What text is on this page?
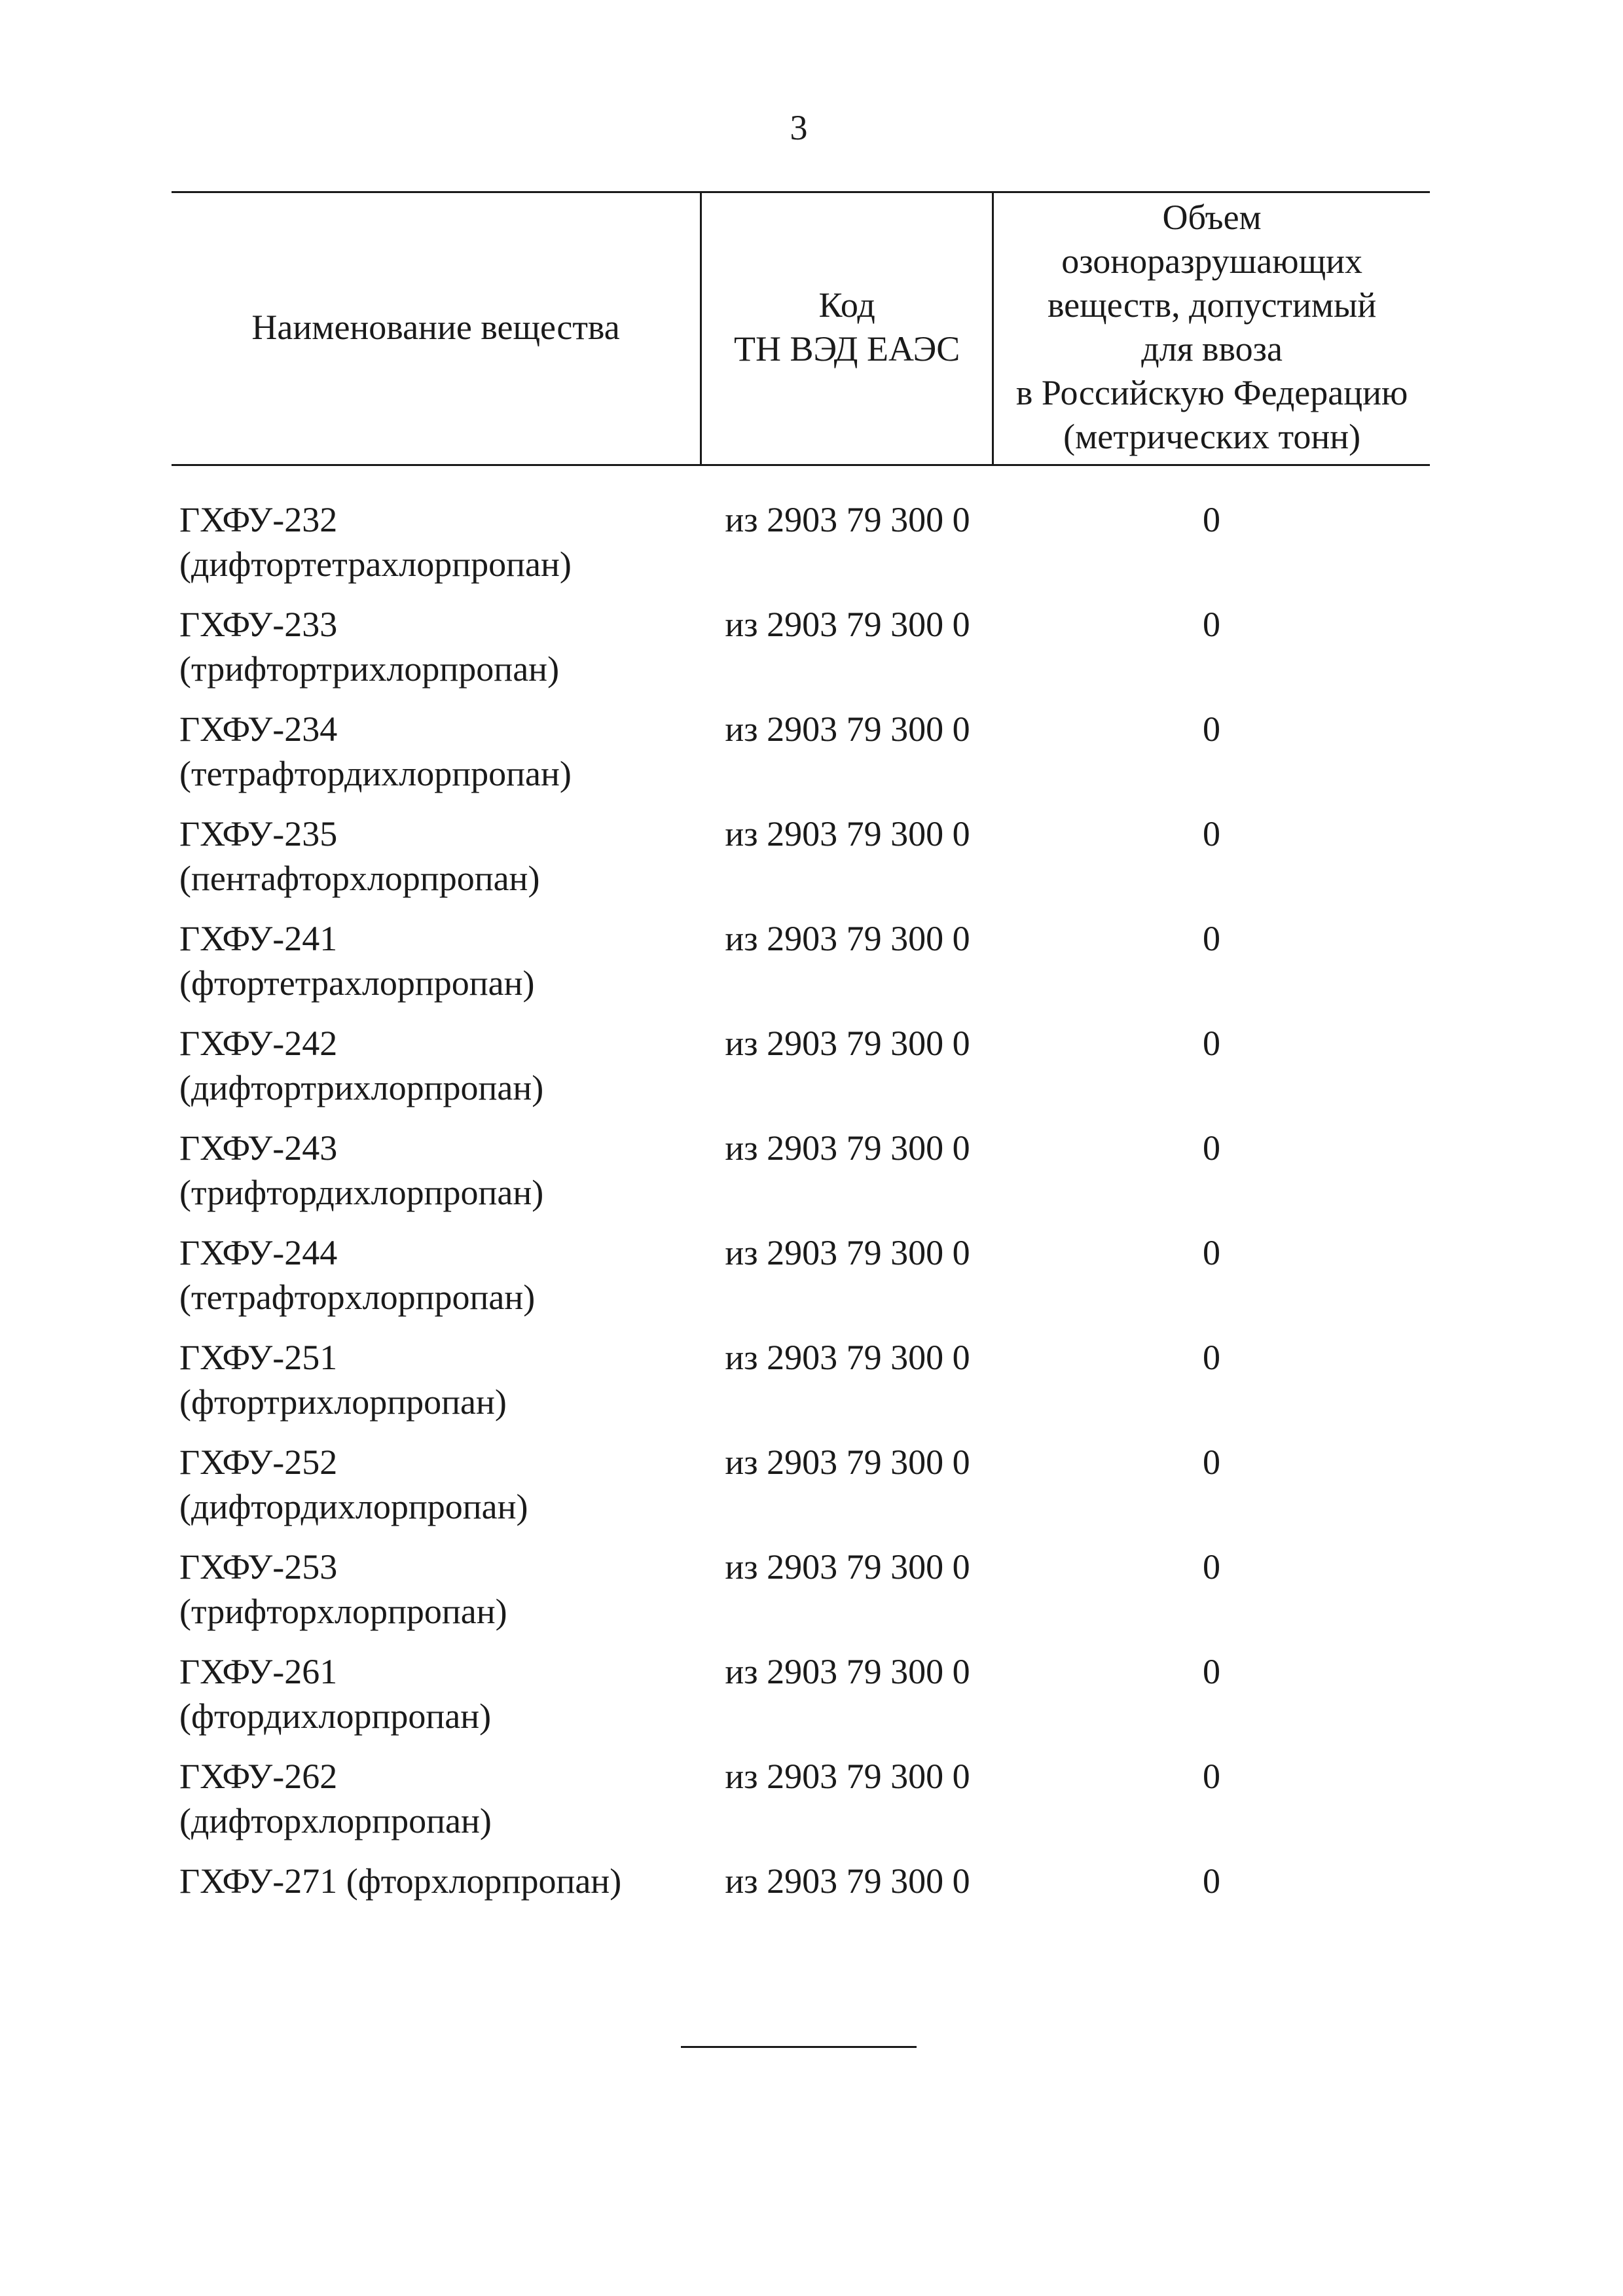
3
Наименование вещества

Код
ТН ВЭД ЕАЭС

Объем
озоноразрушающих
веществ, допустимый
для ввоза
в Российскую Федерацию
(метрических тонн)
ГХФУ-232
(дифтортетрахлорпропан)
из 2903 79 300 0	0
ГХФУ-233
(трифтортрихлорпропан)
из 2903 79 300 0	0
ГХФУ-234
(тетрафтордихлорпропан)
из 2903 79 300 0	0
ГХФУ-235
(пентафторхлорпропан)
из 2903 79 300 0	0
ГХФУ-241
(фтортетрахлорпропан)
из 2903 79 300 0	0
ГХФУ-242
(дифтортрихлорпропан)
из 2903 79 300 0	0
ГХФУ-243
(трифтордихлорпропан)
из 2903 79 300 0	0
ГХФУ-244
(тетрафторхлорпропан)
из 2903 79 300 0	0
ГХФУ-251
(фтортрихлорпропан)
из 2903 79 300 0	0
ГХФУ-252
(дифтордихлорпропан)
из 2903 79 300 0	0
ГХФУ-253
(трифторхлорпропан)
из 2903 79 300 0	0
ГХФУ-261
(фтордихлорпропан)
из 2903 79 300 0	0
ГХФУ-262
(дифторхлорпропан)
из 2903 79 300 0	0
ГХФУ-271 (фторхлорпропан)	из 2903 79 300 0	0
